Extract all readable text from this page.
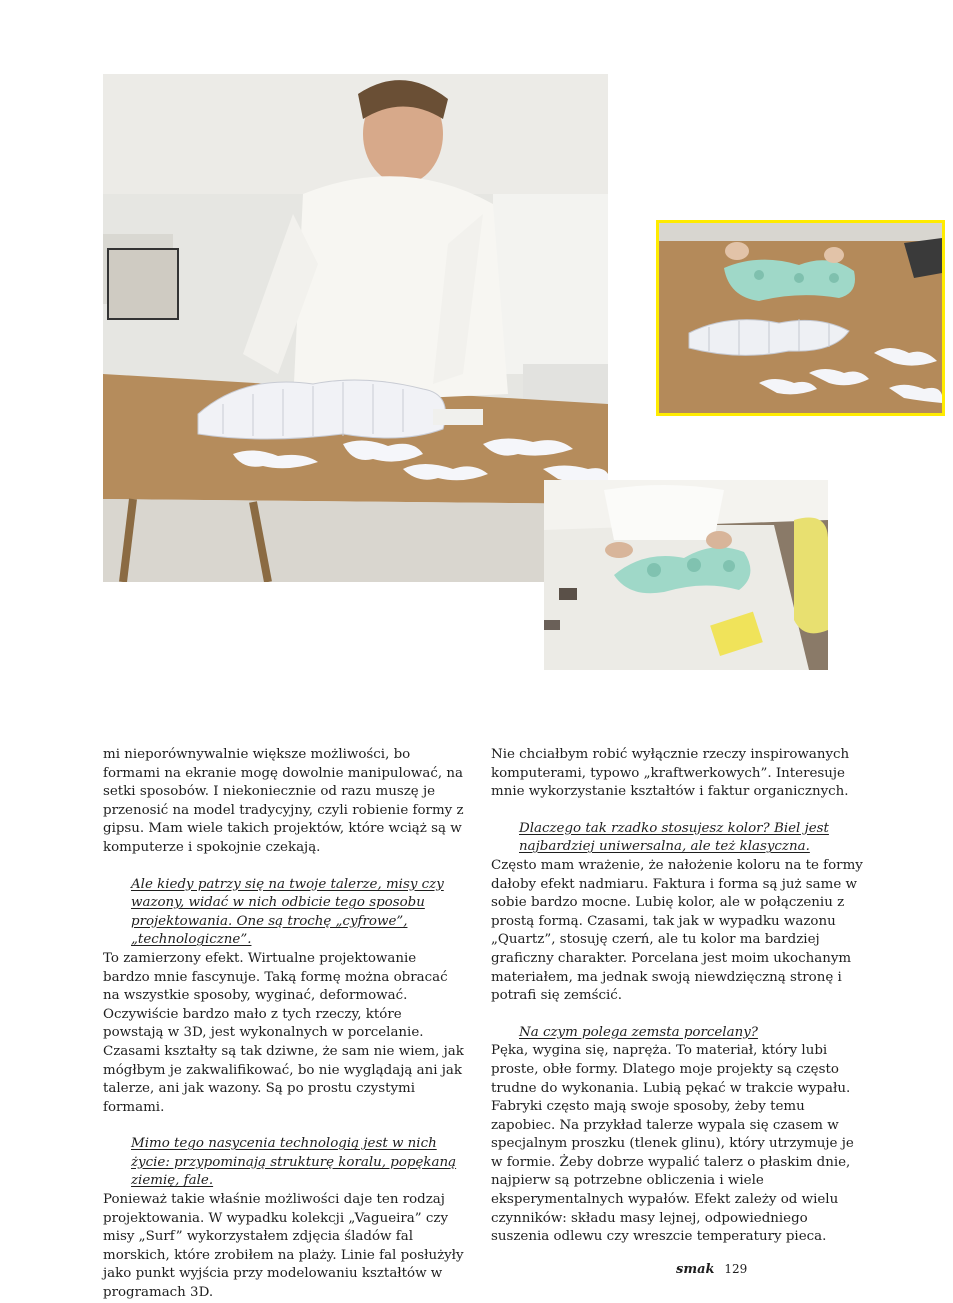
mi nieporównywalnie większe możliwości, bo formami na ekranie mogę dowolnie manipulować, na setki sposobów. I niekoniecznie od razu muszę je przenosić na model tradycyjny, czyli robienie formy z gipsu. Mam wiele takich projektów, które wciąż są w komputerze i spokojnie czekają.

Ale kiedy patrzy się na twoje talerze, misy czy wazony, widać w nich odbicie tego sposobu projektowania. One są trochę „cyfrowe”, „technologiczne”.

To zamierzony efekt. Wirtualne projektowanie bardzo mnie fascynuje. Taką formę można obracać na wszystkie sposoby, wyginać, deformować. Oczywiście bardzo mało z tych rzeczy, które powstają w 3D, jest wykonalnych w porcelanie. Czasami kształty są tak dziwne, że sam nie wiem, jak mógłbym je zakwalifikować, bo nie wyglądają ani jak talerze, ani jak wazony. Są po prostu czystymi formami.

Mimo tego nasycenia technologią jest w nich życie: przypominają strukturę koralu, popękaną ziemię, fale.

Ponieważ takie właśnie możliwości daje ten rodzaj projektowania. W wypadku kolekcji „Vagueira” czy misy „Surf” wykorzystałem zdjęcia śladów fal morskich, które zrobiłem na plaży. Linie fal posłużyły jako punkt wyjścia przy modelowaniu kształtów w programach 3D.

Nie chciałbym robić wyłącznie rzeczy inspirowanych komputerami, typowo „kraftwerkowych”. Interesuje mnie wykorzystanie kształtów i faktur organicznych.

Dlaczego tak rzadko stosujesz kolor? Biel jest najbardziej uniwersalna, ale też klasyczna.

Często mam wrażenie, że nałożenie koloru na te formy dałoby efekt nadmiaru. Faktura i forma są już same w sobie bardzo mocne. Lubię kolor, ale w połączeniu z prostą formą. Czasami, tak jak w wypadku wazonu „Quartz”, stosuję czerń, ale tu kolor ma bardziej graficzny charakter. Porcelana jest moim ukochanym materiałem, ma jednak swoją niewdzięczną stronę i potrafi się zemścić.

Na czym polega zemsta porcelany?

Pęka, wygina się, napręża. To materiał, który lubi proste, obłe formy. Dlatego moje projekty są często trudne do wykonania. Lubią pękać w trakcie wypału. Fabryki często mają swoje sposoby, żeby temu zapobiec. Na przykład talerze wypala się czasem w specjalnym proszku (tlenek glinu), który utrzymuje je w formie. Żeby dobrze wypalić talerz o płaskim dnie, najpierw są potrzebne obliczenia i wiele eksperymentalnych wypałów. Efekt zależy od wielu czynników: składu masy lejnej, odpowiedniego suszenia odlewu czy wreszcie temperatury pieca.

smak 129
